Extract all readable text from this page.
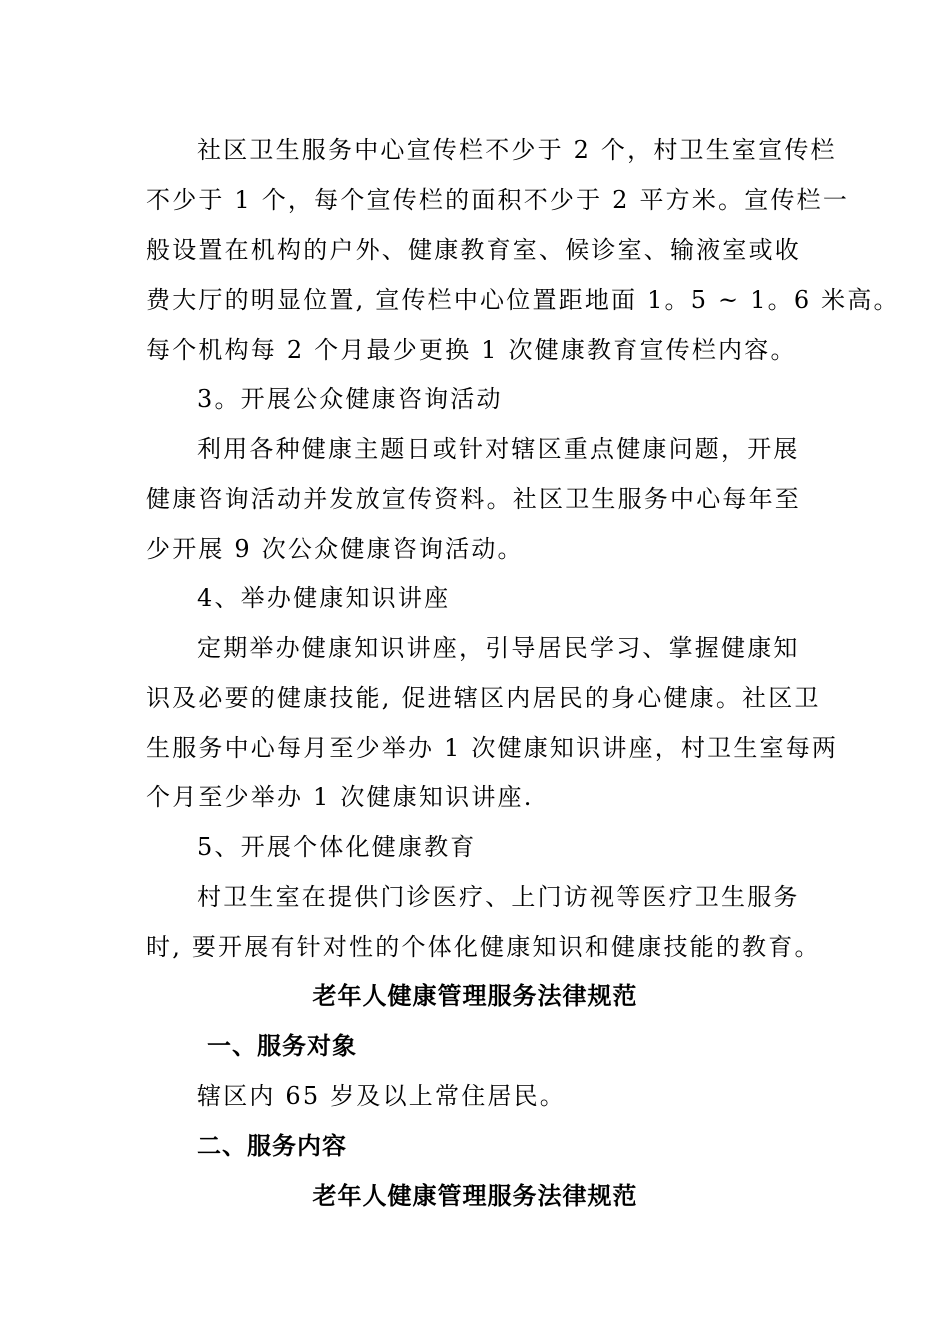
社区卫生服务中心宣传栏不少于 2 个，村卫生室宣传栏
不少于 1 个，每个宣传栏的面积不少于 2 平方米。宣传栏一
般设置在机构的户外、健康教育室、候诊室、输液室或收
费大厅的明显位置, 宣传栏中心位置距地面 1。5 ~ 1。6 米高。
每个机构每 2 个月最少更换 1 次健康教育宣传栏内容。
3。开展公众健康咨询活动
利用各种健康主题日或针对辖区重点健康问题，开展
健康咨询活动并发放宣传资料。社区卫生服务中心每年至
少开展 9 次公众健康咨询活动。
4、举办健康知识讲座
定期举办健康知识讲座，引导居民学习、掌握健康知
识及必要的健康技能, 促进辖区内居民的身心健康。社区卫
生服务中心每月至少举办 1 次健康知识讲座，村卫生室每两
个月至少举办 1 次健康知识讲座.
5、开展个体化健康教育
村卫生室在提供门诊医疗、上门访视等医疗卫生服务
时, 要开展有针对性的个体化健康知识和健康技能的教育。
老年人健康管理服务法律规范
一、服务对象
辖区内 65 岁及以上常住居民。
二、服务内容
老年人健康管理服务法律规范
